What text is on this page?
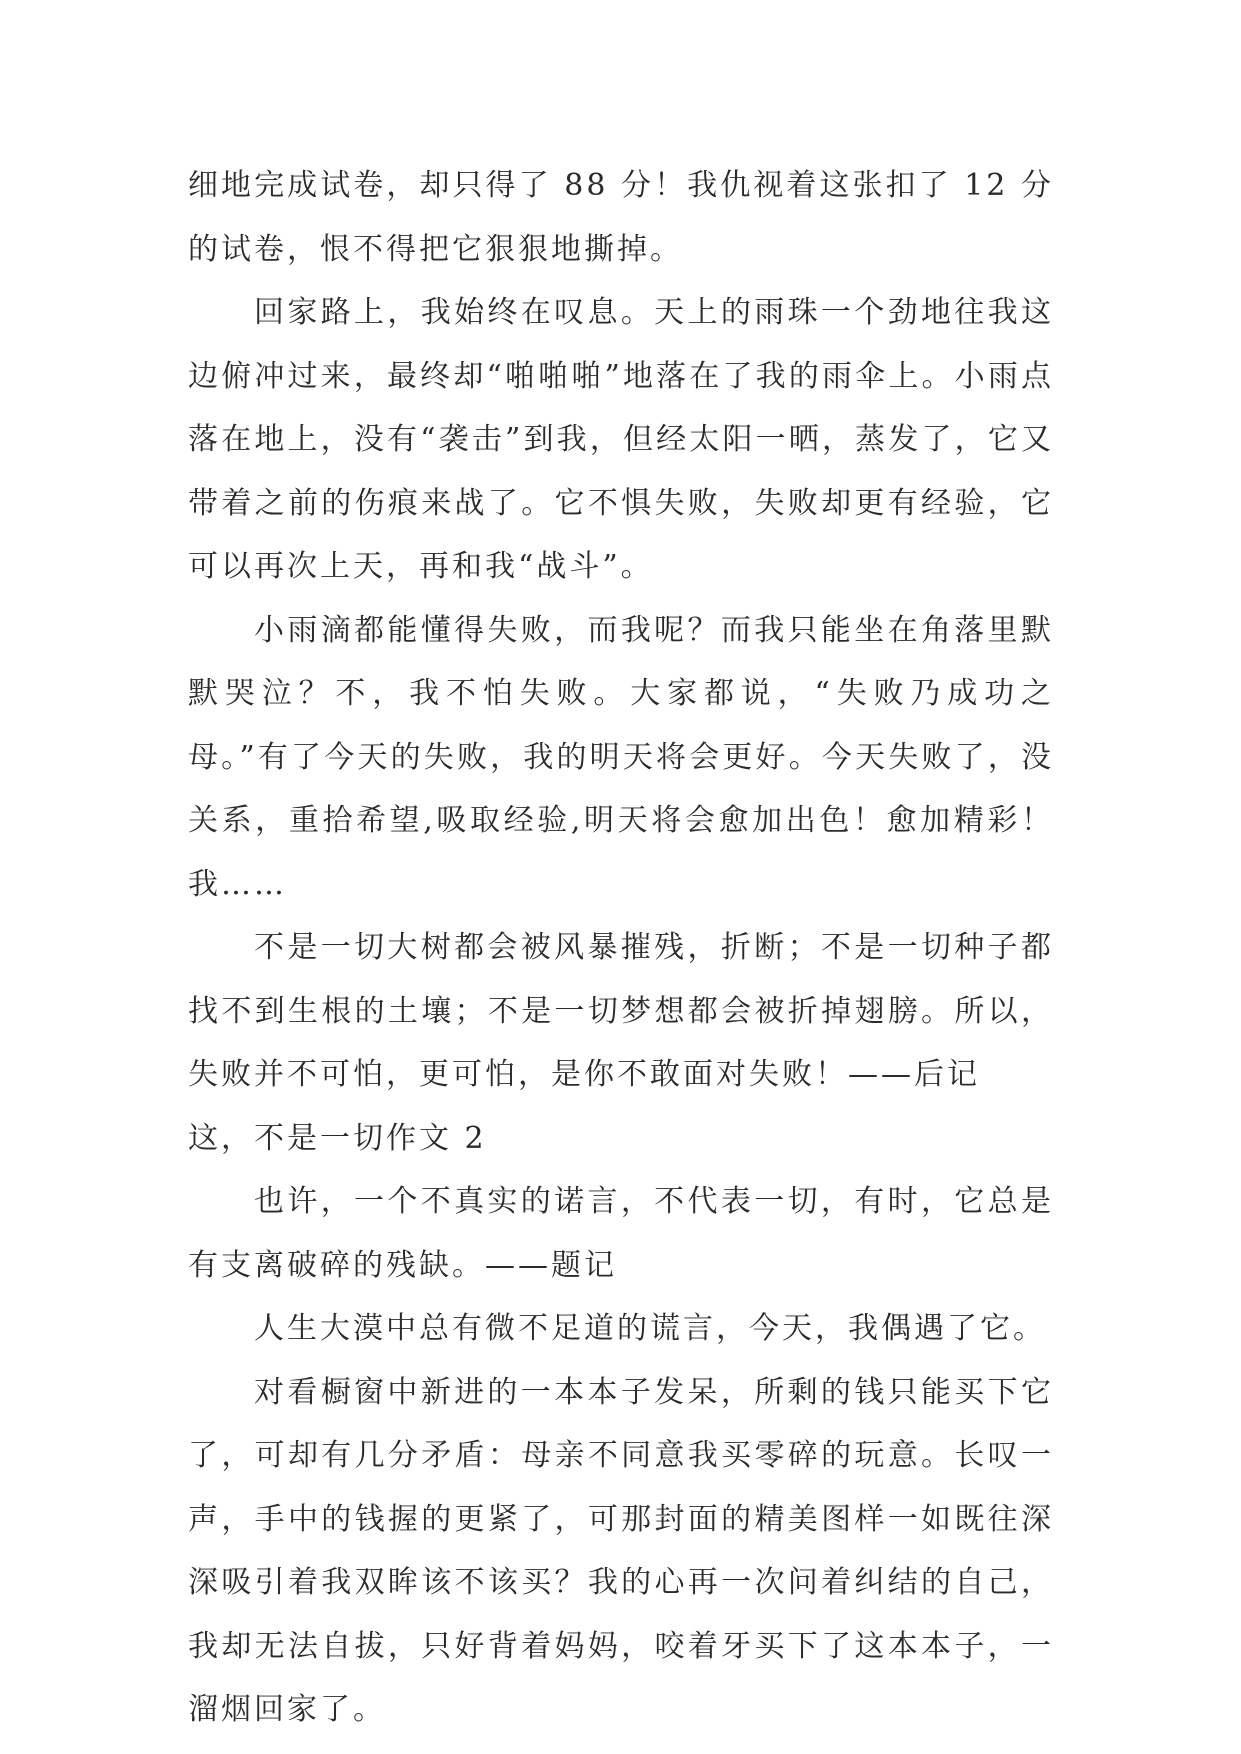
细地完成试卷，却只得了 88 分！我仇视着这张扣了 12 分的试卷，恨不得把它狠狠地撕掉。

回家路上，我始终在叹息。天上的雨珠一个劲地往我这边俯冲过来，最终却“啪啪啪”地落在了我的雨伞上。小雨点落在地上，没有“袭击”到我，但经太阳一晒，蒸发了，它又带着之前的伤痕来战了。它不惧失败，失败却更有经验，它可以再次上天，再和我“战斗”。

小雨滴都能懂得失败，而我呢？而我只能坐在角落里默默哭泣？不，我不怕失败。大家都说，“失败乃成功之母。”有了今天的失败，我的明天将会更好。今天失败了，没关系，重拾希望,吸取经验,明天将会愈加出色！愈加精彩！我……

不是一切大树都会被风暴摧残，折断；不是一切种子都找不到生根的土壤；不是一切梦想都会被折掉翅膀。所以，失败并不可怕，更可怕，是你不敢面对失败！——后记

这，不是一切作文 2

也许，一个不真实的诺言，不代表一切，有时，它总是有支离破碎的残缺。——题记

人生大漠中总有微不足道的谎言，今天，我偶遇了它。

对看橱窗中新进的一本本子发呆，所剩的钱只能买下它了，可却有几分矛盾：母亲不同意我买零碎的玩意。长叹一声，手中的钱握的更紧了，可那封面的精美图样一如既往深深吸引着我双眸该不该买？我的心再一次问着纠结的自己，我却无法自拔，只好背着妈妈，咬着牙买下了这本本子，一溜烟回家了。
